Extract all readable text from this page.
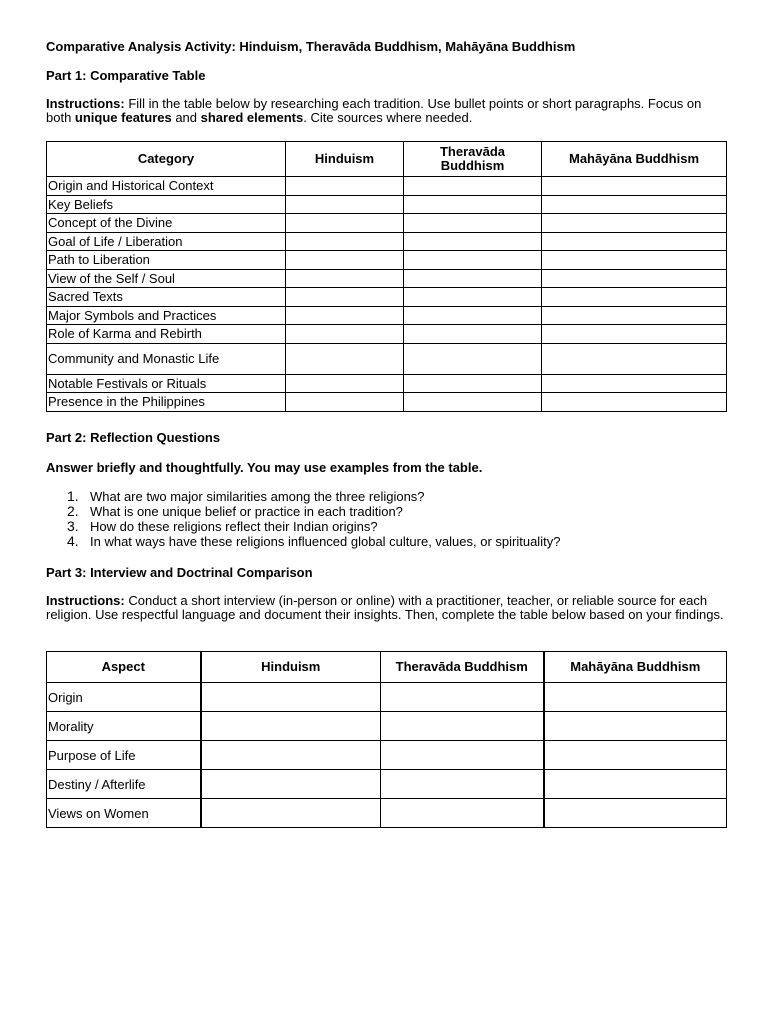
Comparative Analysis Activity: Hinduism, Theravāda Buddhism, Mahāyāna Buddhism
Part 1: Comparative Table
Instructions: Fill in the table below by researching each tradition. Use bullet points or short paragraphs. Focus on both unique features and shared elements. Cite sources where needed.
Category	Hinduism	Theravāda Buddhism	Mahāyāna Buddhism
Origin and Historical Context			
Key Beliefs			
Concept of the Divine			
Goal of Life / Liberation			
Path to Liberation			
View of the Self / Soul			
Sacred Texts			
Major Symbols and Practices			
Role of Karma and Rebirth			
Community and Monastic Life			
Notable Festivals or Rituals			
Presence in the Philippines			
Part 2: Reflection Questions
Answer briefly and thoughtfully. You may use examples from the table.
1. What are two major similarities among the three religions?
2. What is one unique belief or practice in each tradition?
3. How do these religions reflect their Indian origins?
4. In what ways have these religions influenced global culture, values, or spirituality?
Part 3: Interview and Doctrinal Comparison
Instructions: Conduct a short interview (in-person or online) with a practitioner, teacher, or reliable source for each religion. Use respectful language and document their insights. Then, complete the table below based on your findings.
Aspect	Hinduism	Theravāda Buddhism	Mahāyāna Buddhism
Origin			
Morality			
Purpose of Life			
Destiny / Afterlife			
Views on Women			
